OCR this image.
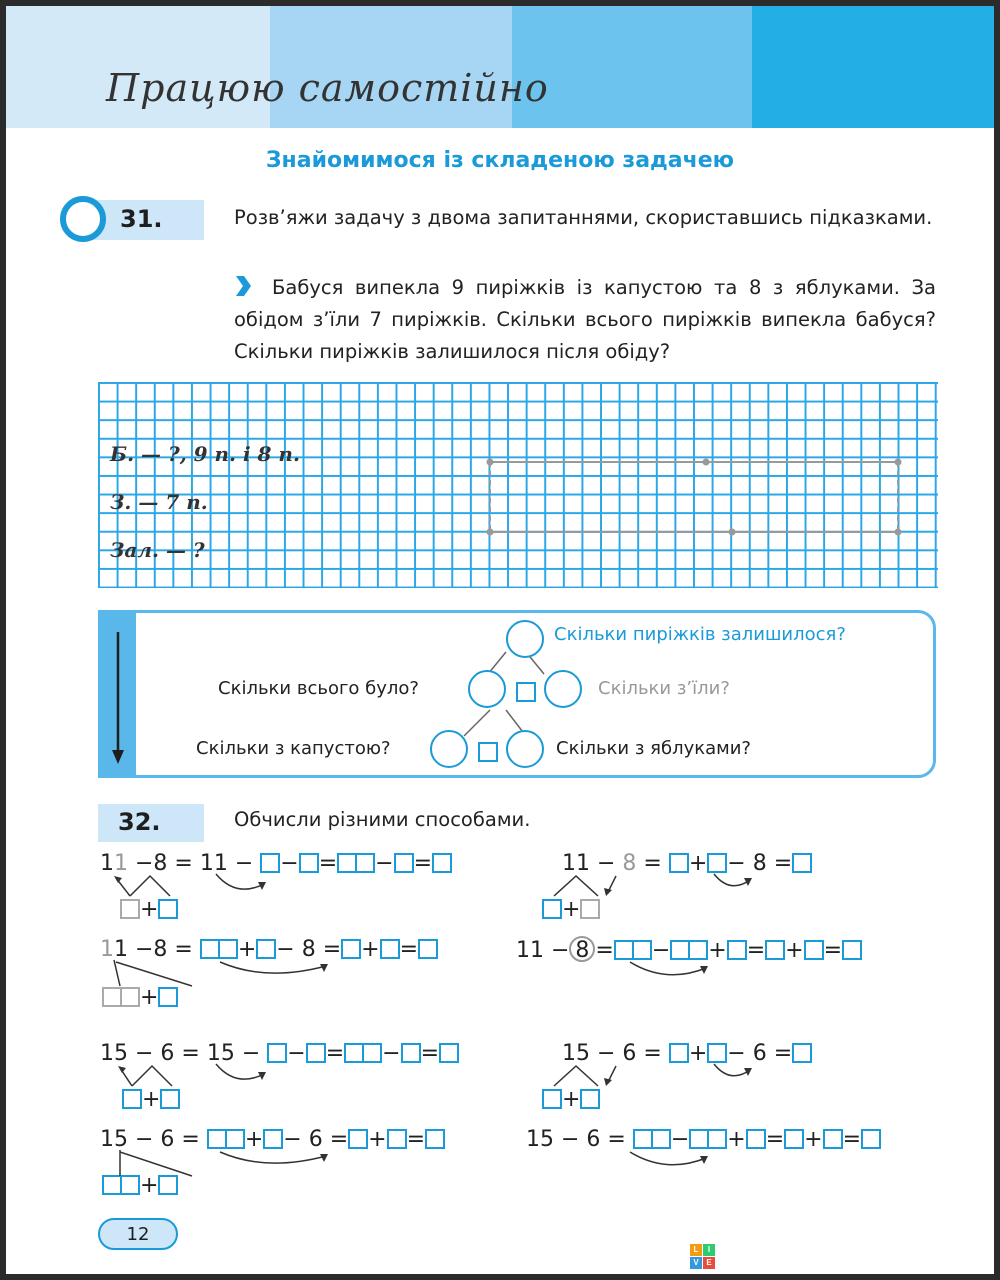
Працюю самостійно
Знайомимося із складеною задачею
31.	Розв’яжи задачу з двома запитаннями, скориставшись підказками.
Бабуся випекла 9 пиріжків із капустою та 8 з яблуками. За обідом з’їли 7 пиріжків. Скільки всього пиріжків випекла бабуся? Скільки пиріжків залишилося після обіду?
Б. — ?, 9 п. і 8 п.
З. — 7 п.
Зал. — ?
Скільки пиріжків залишилося?
Скільки всього було?	Скільки з’їли?
Скільки з капустою?	Скільки з яблуками?
32.	Обчисли різними способами.
11 −8 = 11 − − = − =
+
11 −8 = + − 8 = + =
+
15 − 6 = 15 − − = − =
+
15 − 6 = + − 6 = + =
+
11 − 8 = + − 8 =
+
11 − 8 = − + = + =
15 − 6 = + − 6 =
+
15 − 6 = − + = + =
12
L	I
V E LIVEWORKSHEETS
